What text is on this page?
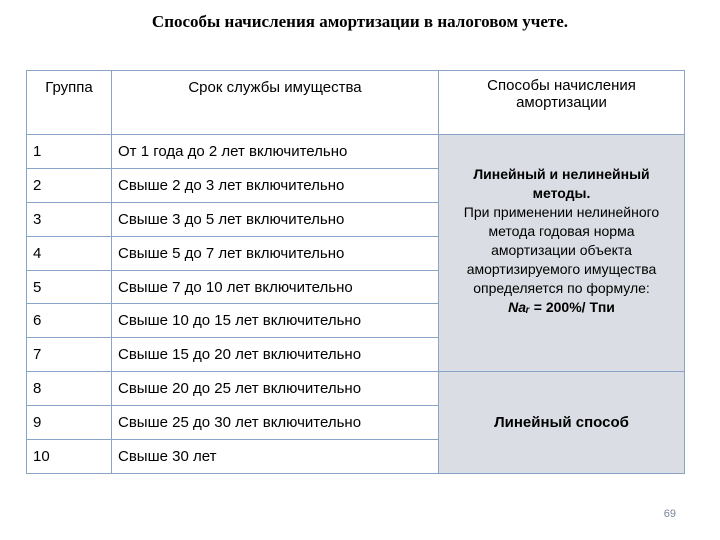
Способы начисления амортизации в налоговом учете.
Группа	Срок службы имущества	Способы начисления амортизации
1	От 1 года до 2 лет включительно	Линейный и нелинейный методы.
При применении нелинейного метода годовая норма амортизации объекта амортизируемого имущества определяется по формуле:
Naᵣ = 200%/ Тпи

2	Свыше 2 до 3 лет включительно	
3	Свыше 3 до 5 лет включительно	
4	Свыше 5 до 7 лет включительно	
5	Свыше 7 до 10 лет включительно	
6	Свыше 10 до 15 лет включительно	
7	Свыше 15 до 20 лет включительно	
8	Свыше 20 до 25 лет включительно	Линейный способ
9	Свыше 25 до 30 лет включительно	
10	Свыше 30 лет	
69
